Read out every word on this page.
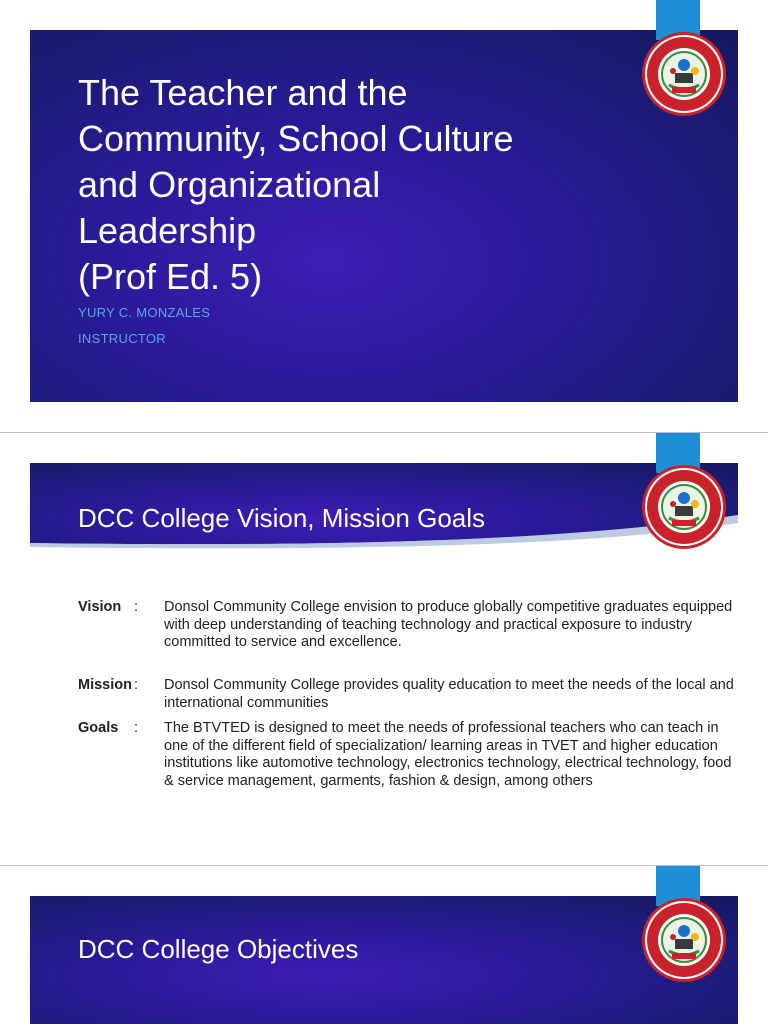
The Teacher and the
Community, School Culture
and Organizational
Leadership
(Prof Ed. 5)
YURY C. MONZALES
INSTRUCTOR
DCC College Vision, Mission Goals
Vision : Donsol Community College envision to produce globally competitive graduates equipped with deep understanding of teaching technology and practical exposure to industry committed to service and excellence.
Mission : Donsol Community College provides quality education to meet the needs of the local and international communities
Goals	: The BTVTED is designed to meet the needs of professional teachers who can teach in one of the different field of specialization/ learning areas in TVET and higher education institutions like automotive technology, electronics technology, electrical technology, food & service management, garments, fashion & design, among others
DCC College Objectives
